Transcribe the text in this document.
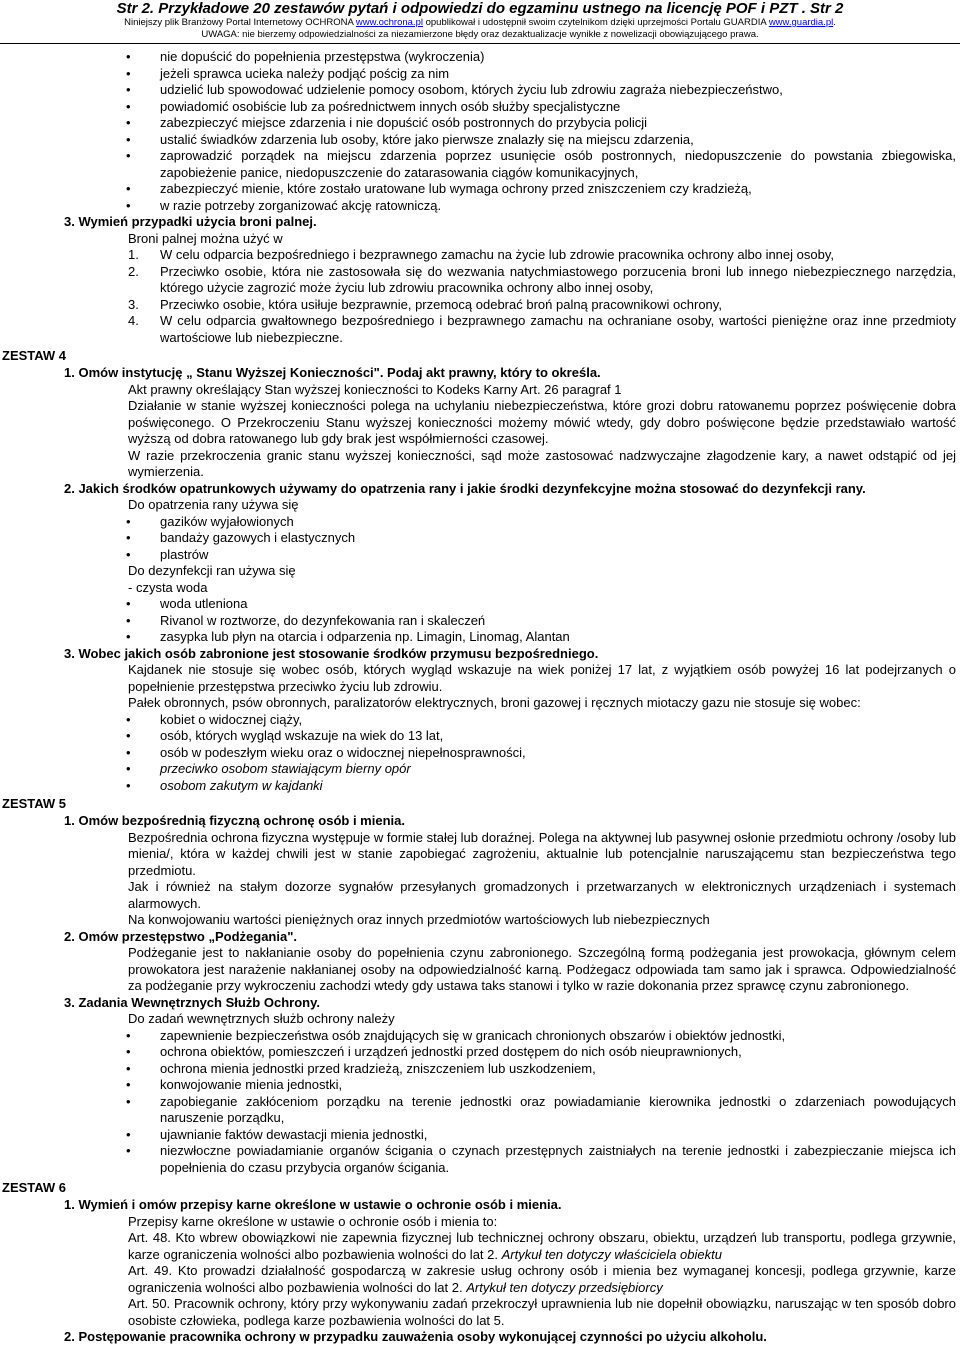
Str 2. Przykładowe 20 zestawów pytań i odpowiedzi do egzaminu ustnego na licencję POF i PZT . Str 2
Niniejszy plik Branżowy Portal Internetowy OCHRONA www.ochrona.pl opublikował i udostępnił swoim czytelnikom dzięki uprzejmości Portalu GUARDIA www.guardia.pl.
UWAGA: nie bierzemy odpowiedzialności za niezamierzone błędy oraz dezaktualizacje wynikłe z nowelizacji obowiązującego prawa.
• nie dopuścić do popełnienia przestępstwa (wykroczenia)
• jeżeli sprawca ucieka należy podjąć pościg za nim
• udzielić lub spowodować udzielenie pomocy osobom, których życiu lub zdrowiu zagraża niebezpieczeństwo,
• powiadomić osobiście lub za pośrednictwem innych osób służby specjalistyczne
• zabezpieczyć miejsce zdarzenia i nie dopuścić osób postronnych do przybycia policji
• ustalić świadków zdarzenia lub osoby, które jako pierwsze znalazły się na miejscu zdarzenia,
• zaprowadzić porządek na miejscu zdarzenia poprzez usunięcie osób postronnych, niedopuszczenie do powstania zbiegowiska, zapobieżenie panice, niedopuszczenie do zatarasowania ciągów komunikacyjnych,
• zabezpieczyć mienie, które zostało uratowane lub wymaga ochrony przed zniszczeniem czy kradzieżą,
• w razie potrzeby zorganizować akcję ratowniczą.
3. Wymień przypadki użycia broni palnej.
Broni palnej można użyć w
1. W celu odparcia bezpośredniego i bezprawnego zamachu na życie lub zdrowie pracownika ochrony albo innej osoby,
2. Przeciwko osobie, która nie zastosowała się do wezwania natychmiastowego porzucenia broni lub innego niebezpiecznego narzędzia, którego użycie zagrozić może życiu lub zdrowiu pracownika ochrony albo innej osoby,
3. Przeciwko osobie, która usiłuje bezprawnie, przemocą odebrać broń palną pracownikowi ochrony,
4. W celu odparcia gwałtownego bezpośredniego i bezprawnego zamachu na ochraniane osoby, wartości pieniężne oraz inne przedmioty wartościowe lub niebezpieczne.
ZESTAW 4
1. Omów instytucję „ Stanu Wyższej Konieczności". Podaj akt prawny, który to określa.
Akt prawny określający Stan wyższej konieczności to Kodeks Karny Art. 26 paragraf 1
Działanie w stanie wyższej konieczności polega na uchylaniu niebezpieczeństwa, które grozi dobru ratowanemu poprzez poświęcenie dobra poświęconego. O Przekroczeniu Stanu wyższej konieczności możemy mówić wtedy, gdy dobro poświęcone będzie przedstawiało wartość wyższą od dobra ratowanego lub gdy brak jest współmierności czasowej.
W razie przekroczenia granic stanu wyższej konieczności, sąd może zastosować nadzwyczajne złagodzenie kary, a nawet odstąpić od jej wymierzenia.
2. Jakich środków opatrunkowych używamy do opatrzenia rany i jakie środki dezynfekcyjne można stosować do dezynfekcji rany.
Do opatrzenia rany używa się
• gazików wyjałowionych
• bandaży gazowych i elastycznych
• plastrów
Do dezynfekcji ran używa się
- czysta woda
• woda utleniona
• Rivanol w roztworze, do dezynfekowania ran i skaleczeń
• zasypka lub płyn na otarcia i odparzenia np. Limagin, Linomag, Alantan
3. Wobec jakich osób zabronione jest stosowanie środków przymusu bezpośredniego.
Kajdanek nie stosuje się wobec osób, których wygląd wskazuje na wiek poniżej 17 lat, z wyjątkiem osób powyżej 16 lat podejrzanych o popełnienie przestępstwa przeciwko życiu lub zdrowiu.
Pałek obronnych, psów obronnych, paralizatorów elektrycznych, broni gazowej i ręcznych miotaczy gazu nie stosuje się wobec:
• kobiet o widocznej ciąży,
• osób, których wygląd wskazuje na wiek do 13 lat,
• osób w podeszłym wieku oraz o widocznej niepełnosprawności,
• przeciwko osobom stawiającym bierny opór
• osobom zakutym w kajdanki
ZESTAW 5
1. Omów bezpośrednią fizyczną ochronę osób i mienia.
Bezpośrednia ochrona fizyczna występuje w formie stałej lub doraźnej. Polega na aktywnej lub pasywnej osłonie przedmiotu ochrony /osoby lub mienia/, która w każdej chwili jest w stanie zapobiegać zagrożeniu, aktualnie lub potencjalnie naruszającemu stan bezpieczeństwa tego przedmiotu.
Jak i również na stałym dozorze sygnałów przesyłanych gromadzonych i przetwarzanych w elektronicznych urządzeniach i systemach alarmowych.
Na konwojowaniu wartości pieniężnych oraz innych przedmiotów wartościowych lub niebezpiecznych
2. Omów przestępstwo „Podżegania".
Podżeganie jest to nakłanianie osoby do popełnienia czynu zabronionego. Szczególną formą podżegania jest prowokacja, głównym celem prowokatora jest narażenie nakłanianej osoby na odpowiedzialność karną. Podżegacz odpowiada tam samo jak i sprawca. Odpowiedzialność za podżeganie przy wykroczeniu zachodzi wtedy gdy ustawa taks stanowi i tylko w razie dokonania przez sprawcę czynu zabronionego.
3. Zadania Wewnętrznych Służb Ochrony.
Do zadań wewnętrznych służb ochrony należy
• zapewnienie bezpieczeństwa osób znajdujących się w granicach chronionych obszarów i obiektów jednostki,
• ochrona obiektów, pomieszczeń i urządzeń jednostki przed dostępem do nich osób nieuprawnionych,
• ochrona mienia jednostki przed kradzieżą, zniszczeniem lub uszkodzeniem,
• konwojowanie mienia jednostki,
• zapobieganie zakłóceniom porządku na terenie jednostki oraz powiadamianie kierownika jednostki o zdarzeniach powodujących naruszenie porządku,
• ujawnianie faktów dewastacji mienia jednostki,
• niezwłoczne powiadamianie organów ścigania o czynach przestępnych zaistniałych na terenie jednostki i zabezpieczanie miejsca ich popełnienia do czasu przybycia organów ścigania.
ZESTAW 6
1. Wymień i omów przepisy karne określone w ustawie o ochronie osób i mienia.
Przepisy karne określone w ustawie o ochronie osób i mienia to:
Art. 48. Kto wbrew obowiązkowi nie zapewnia fizycznej lub technicznej ochrony obszaru, obiektu, urządzeń lub transportu, podlega grzywnie, karze ograniczenia wolności albo pozbawienia wolności do lat 2. Artykuł ten dotyczy właściciela obiektu
Art. 49. Kto prowadzi działalność gospodarczą w zakresie usług ochrony osób i mienia bez wymaganej koncesji, podlega grzywnie, karze ograniczenia wolności albo pozbawienia wolności do lat 2. Artykuł ten dotyczy przedsiębiorcy
Art. 50. Pracownik ochrony, który przy wykonywaniu zadań przekroczył uprawnienia lub nie dopełnił obowiązku, naruszając w ten sposób dobro osobiste człowieka, podlega karze pozbawienia wolności do lat 5.
2. Postępowanie pracownika ochrony w przypadku zauważenia osoby wykonującej czynności po użyciu alkoholu.
